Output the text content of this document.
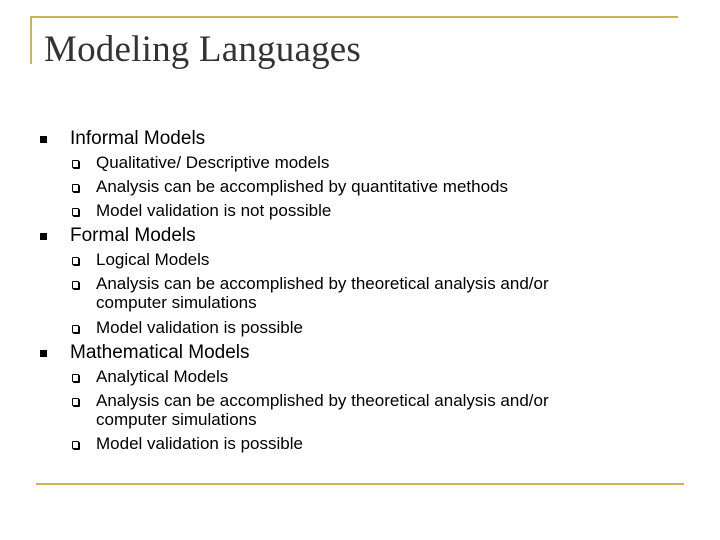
Modeling Languages
Informal Models
Qualitative/ Descriptive models
Analysis can be accomplished by quantitative methods
Model validation is not possible
Formal Models
Logical Models
Analysis can be accomplished by theoretical analysis and/or
computer simulations
Model validation is possible
Mathematical Models
Analytical Models
Analysis can be accomplished by theoretical analysis and/or
computer simulations
Model validation is possible
